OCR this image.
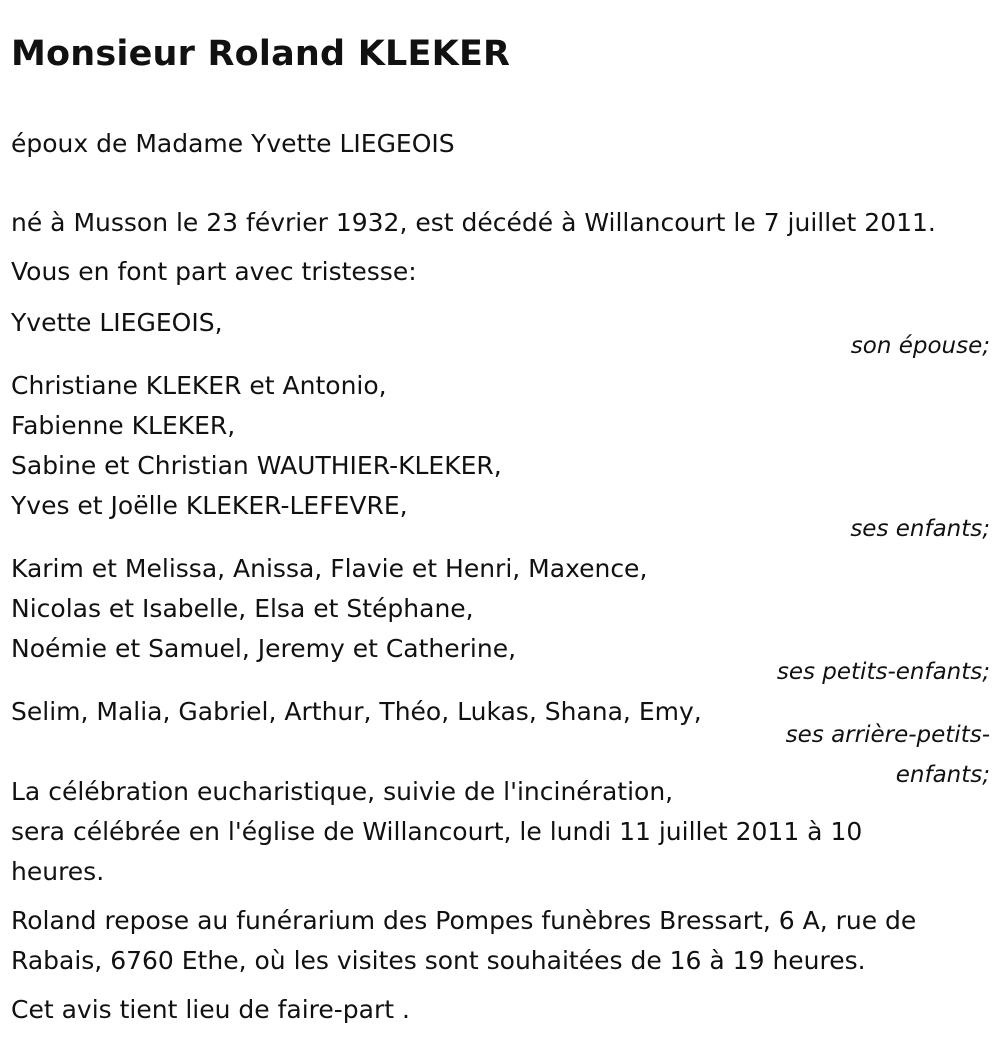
Monsieur Roland KLEKER
époux de Madame Yvette LIEGEOIS
né à Musson le 23 février 1932, est décédé à Willancourt le 7 juillet 2011.
Vous en font part avec tristesse:
Yvette LIEGEOIS,
son épouse;
Christiane KLEKER et Antonio,
Fabienne KLEKER,
Sabine et Christian WAUTHIER-KLEKER,
Yves et Joëlle KLEKER-LEFEVRE,
ses enfants;
Karim et Melissa, Anissa, Flavie et Henri, Maxence,
Nicolas et Isabelle, Elsa et Stéphane,
Noémie et Samuel, Jeremy et Catherine,
ses petits-enfants;
Selim, Malia, Gabriel, Arthur, Théo, Lukas, Shana, Emy,
ses arrière-petits-
enfants;
La célébration eucharistique, suivie de l'incinération,
sera célébrée en l'église de Willancourt, le lundi 11 juillet 2011 à 10
heures.
Roland repose au funérarium des Pompes funèbres Bressart, 6 A, rue de
Rabais, 6760 Ethe, où les visites sont souhaitées de 16 à 19 heures.
Cet avis tient lieu de faire-part .
